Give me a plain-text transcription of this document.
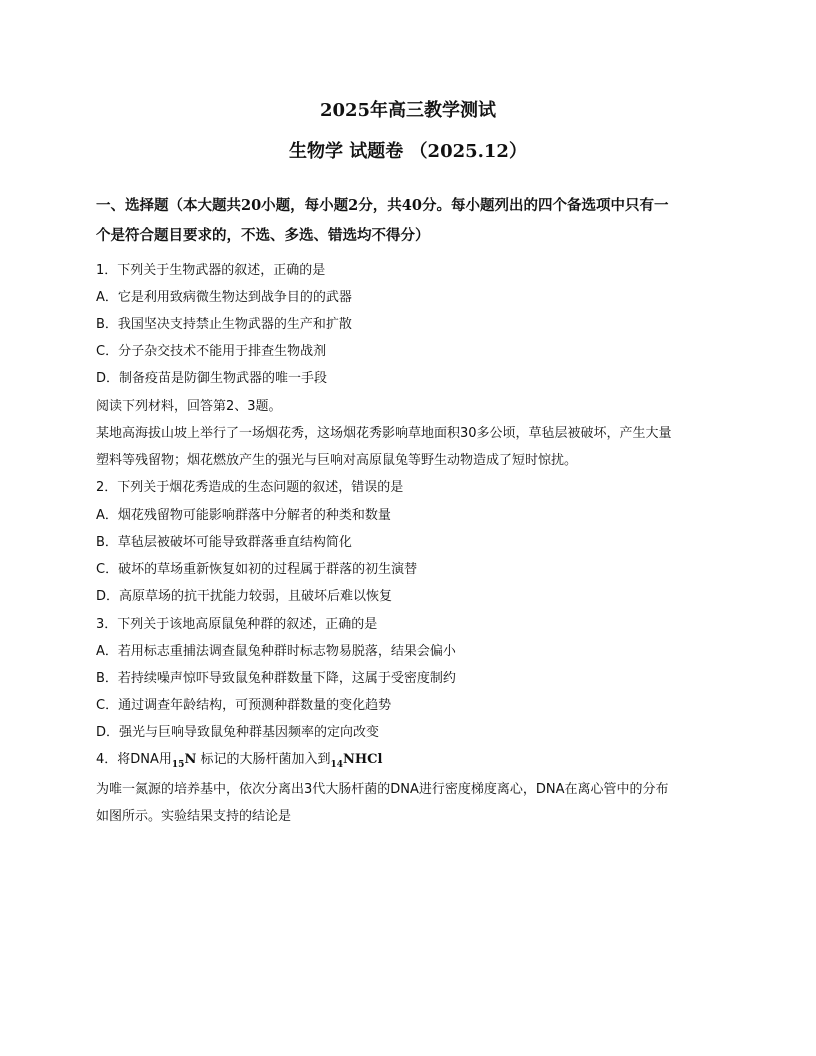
2025年高三教学测试
生物学 试题卷 （2025.12）
一、选择题（本大题共20小题，每小题2分，共40分。每小题列出的四个备选项中只有一
个是符合题目要求的，不选、多选、错选均不得分）
1．下列关于生物武器的叙述，正确的是
A．它是利用致病微生物达到战争目的的武器
B．我国坚决支持禁止生物武器的生产和扩散
C．分子杂交技术不能用于排查生物战剂
D．制备疫苗是防御生物武器的唯一手段
阅读下列材料，回答第2、3题。
某地高海拔山坡上举行了一场烟花秀，这场烟花秀影响草地面积30多公顷，草毡层被破坏，产生大量
塑料等残留物；烟花燃放产生的强光与巨响对高原鼠兔等野生动物造成了短时惊扰。
2．下列关于烟花秀造成的生态问题的叙述，错误的是
A．烟花残留物可能影响群落中分解者的种类和数量
B．草毡层被破坏可能导致群落垂直结构简化
C．破坏的草场重新恢复如初的过程属于群落的初生演替
D．高原草场的抗干扰能力较弱，且破坏后难以恢复
3．下列关于该地高原鼠兔种群的叙述，正确的是
A．若用标志重捕法调查鼠兔种群时标志物易脱落，结果会偏小
B．若持续噪声惊吓导致鼠兔种群数量下降，这属于受密度制约
C．通过调查年龄结构，可预测种群数量的变化趋势
D．强光与巨响导致鼠兔种群基因频率的定向改变
4．将DNA用$_{15}$N 标记的大肠杆菌加入到$_{14}$NHCl
为唯一氮源的培养基中，依次分离出3代大肠杆菌的DNA进行密度梯度离心，DNA在离心管中的分布
如图所示。实验结果支持的结论是
